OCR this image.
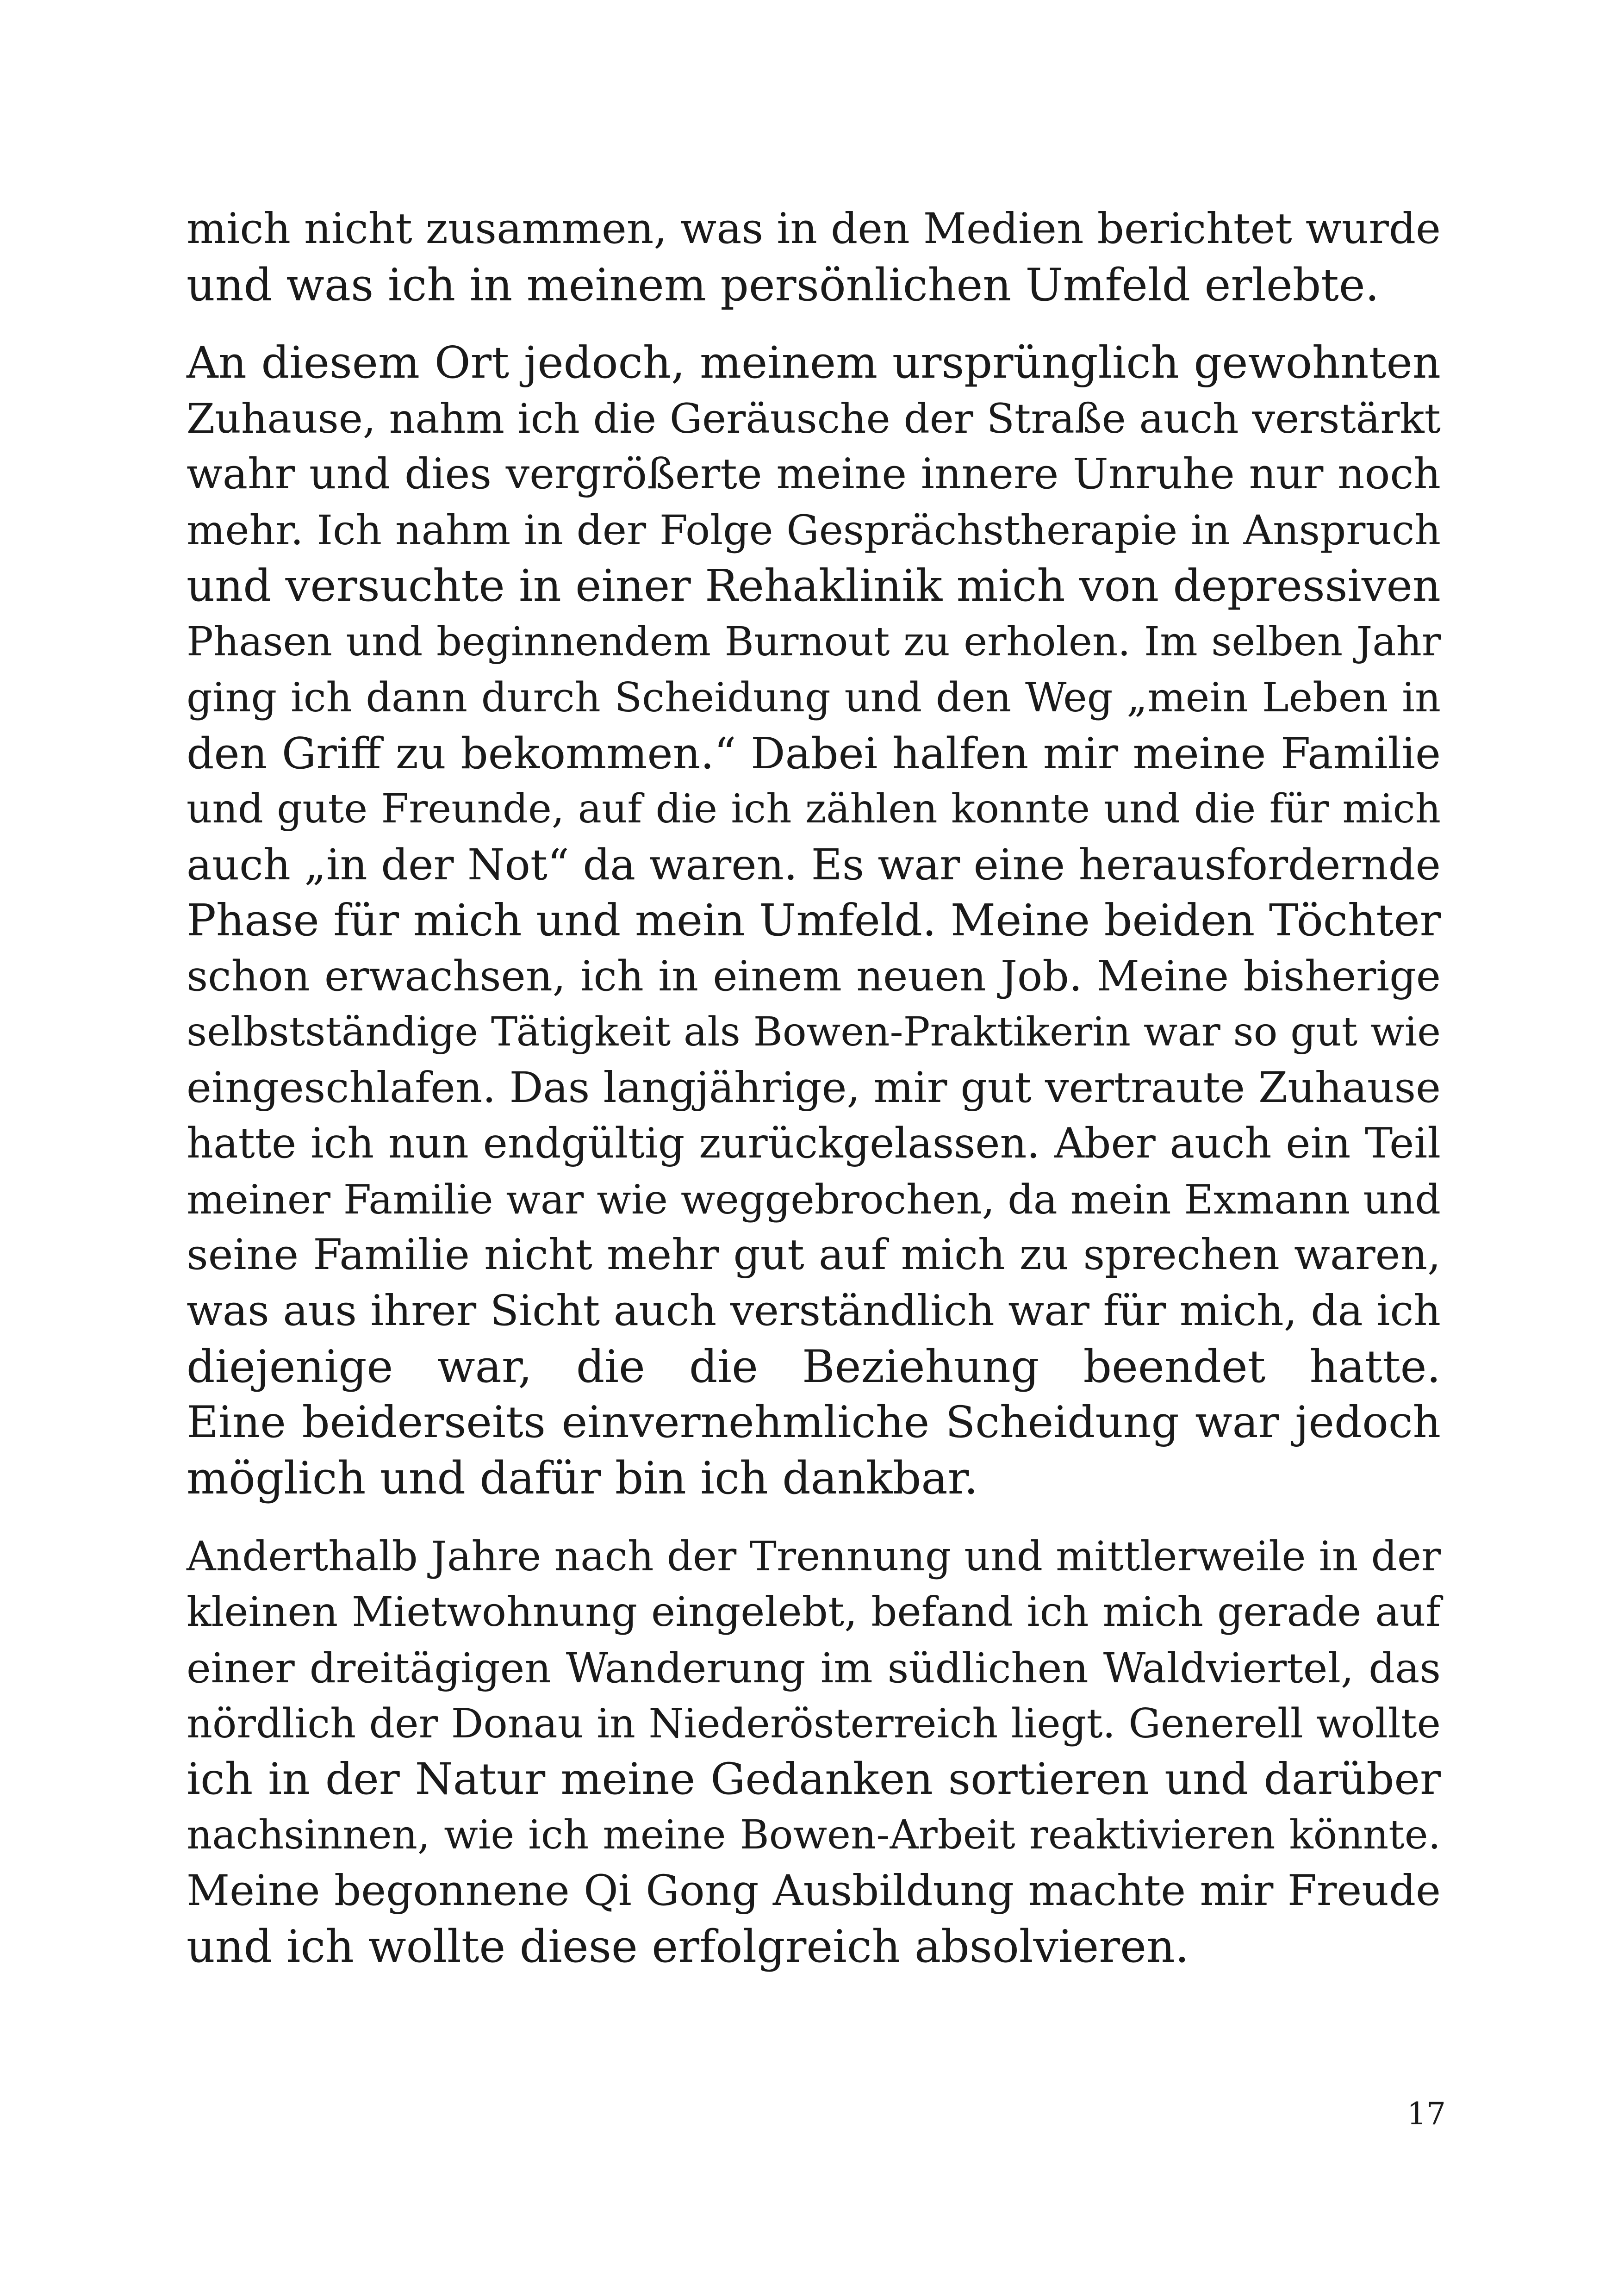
mich nicht zusammen, was in den Medien berichtet wurde
und was ich in meinem persönlichen Umfeld erlebte.

An diesem Ort jedoch, meinem ursprünglich gewohnten
Zuhause, nahm ich die Geräusche der Straße auch verstärkt
wahr und dies vergrößerte meine innere Unruhe nur noch
mehr. Ich nahm in der Folge Gesprächstherapie in Anspruch
und versuchte in einer Rehaklinik mich von depressiven
Phasen und beginnendem Burnout zu erholen. Im selben Jahr
ging ich dann durch Scheidung und den Weg „mein Leben in
den Griff zu bekommen.“ Dabei halfen mir meine Familie
und gute Freunde, auf die ich zählen konnte und die für mich
auch „in der Not“ da waren. Es war eine herausfordernde
Phase für mich und mein Umfeld. Meine beiden Töchter
schon erwachsen, ich in einem neuen Job. Meine bisherige
selbstständige Tätigkeit als Bowen-Praktikerin war so gut wie
eingeschlafen. Das langjährige, mir gut vertraute Zuhause
hatte ich nun endgültig zurückgelassen. Aber auch ein Teil
meiner Familie war wie weggebrochen, da mein Exmann und
seine Familie nicht mehr gut auf mich zu sprechen waren,
was aus ihrer Sicht auch verständlich war für mich, da ich
diejenige war, die die Beziehung beendet hatte.
Eine beiderseits einvernehmliche Scheidung war jedoch
möglich und dafür bin ich dankbar.

Anderthalb Jahre nach der Trennung und mittlerweile in der
kleinen Mietwohnung eingelebt, befand ich mich gerade auf
einer dreitägigen Wanderung im südlichen Waldviertel, das
nördlich der Donau in Niederösterreich liegt. Generell wollte
ich in der Natur meine Gedanken sortieren und darüber
nachsinnen, wie ich meine Bowen-Arbeit reaktivieren könnte.
Meine begonnene Qi Gong Ausbildung machte mir Freude
und ich wollte diese erfolgreich absolvieren.

17
